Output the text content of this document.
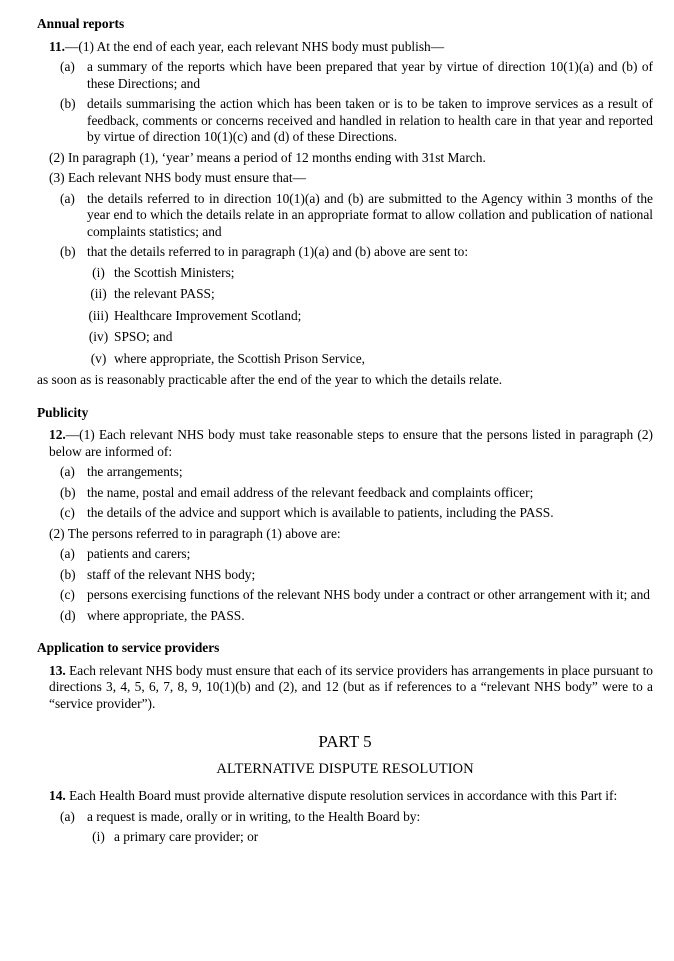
Annual reports
11.—(1) At the end of each year, each relevant NHS body must publish—
(a) a summary of the reports which have been prepared that year by virtue of direction 10(1)(a) and (b) of these Directions; and
(b) details summarising the action which has been taken or is to be taken to improve services as a result of feedback, comments or concerns received and handled in relation to health care in that year and reported by virtue of direction 10(1)(c) and (d) of these Directions.
(2) In paragraph (1), ‘year’ means a period of 12 months ending with 31st March.
(3) Each relevant NHS body must ensure that—
(a) the details referred to in direction 10(1)(a) and (b) are submitted to the Agency within 3 months of the year end to which the details relate in an appropriate format to allow collation and publication of national complaints statistics; and
(b) that the details referred to in paragraph (1)(a) and (b) above are sent to:
(i) the Scottish Ministers;
(ii) the relevant PASS;
(iii) Healthcare Improvement Scotland;
(iv) SPSO; and
(v) where appropriate, the Scottish Prison Service,
as soon as is reasonably practicable after the end of the year to which the details relate.
Publicity
12.—(1) Each relevant NHS body must take reasonable steps to ensure that the persons listed in paragraph (2) below are informed of:
(a) the arrangements;
(b) the name, postal and email address of the relevant feedback and complaints officer;
(c) the details of the advice and support which is available to patients, including the PASS.
(2) The persons referred to in paragraph (1) above are:
(a) patients and carers;
(b) staff of the relevant NHS body;
(c) persons exercising functions of the relevant NHS body under a contract or other arrangement with it; and
(d) where appropriate, the PASS.
Application to service providers
13. Each relevant NHS body must ensure that each of its service providers has arrangements in place pursuant to directions 3, 4, 5, 6, 7, 8, 9, 10(1)(b) and (2), and 12 (but as if references to a “relevant NHS body” were to a “service provider”).
PART 5
ALTERNATIVE DISPUTE RESOLUTION
14. Each Health Board must provide alternative dispute resolution services in accordance with this Part if:
(a) a request is made, orally or in writing, to the Health Board by:
(i) a primary care provider; or
